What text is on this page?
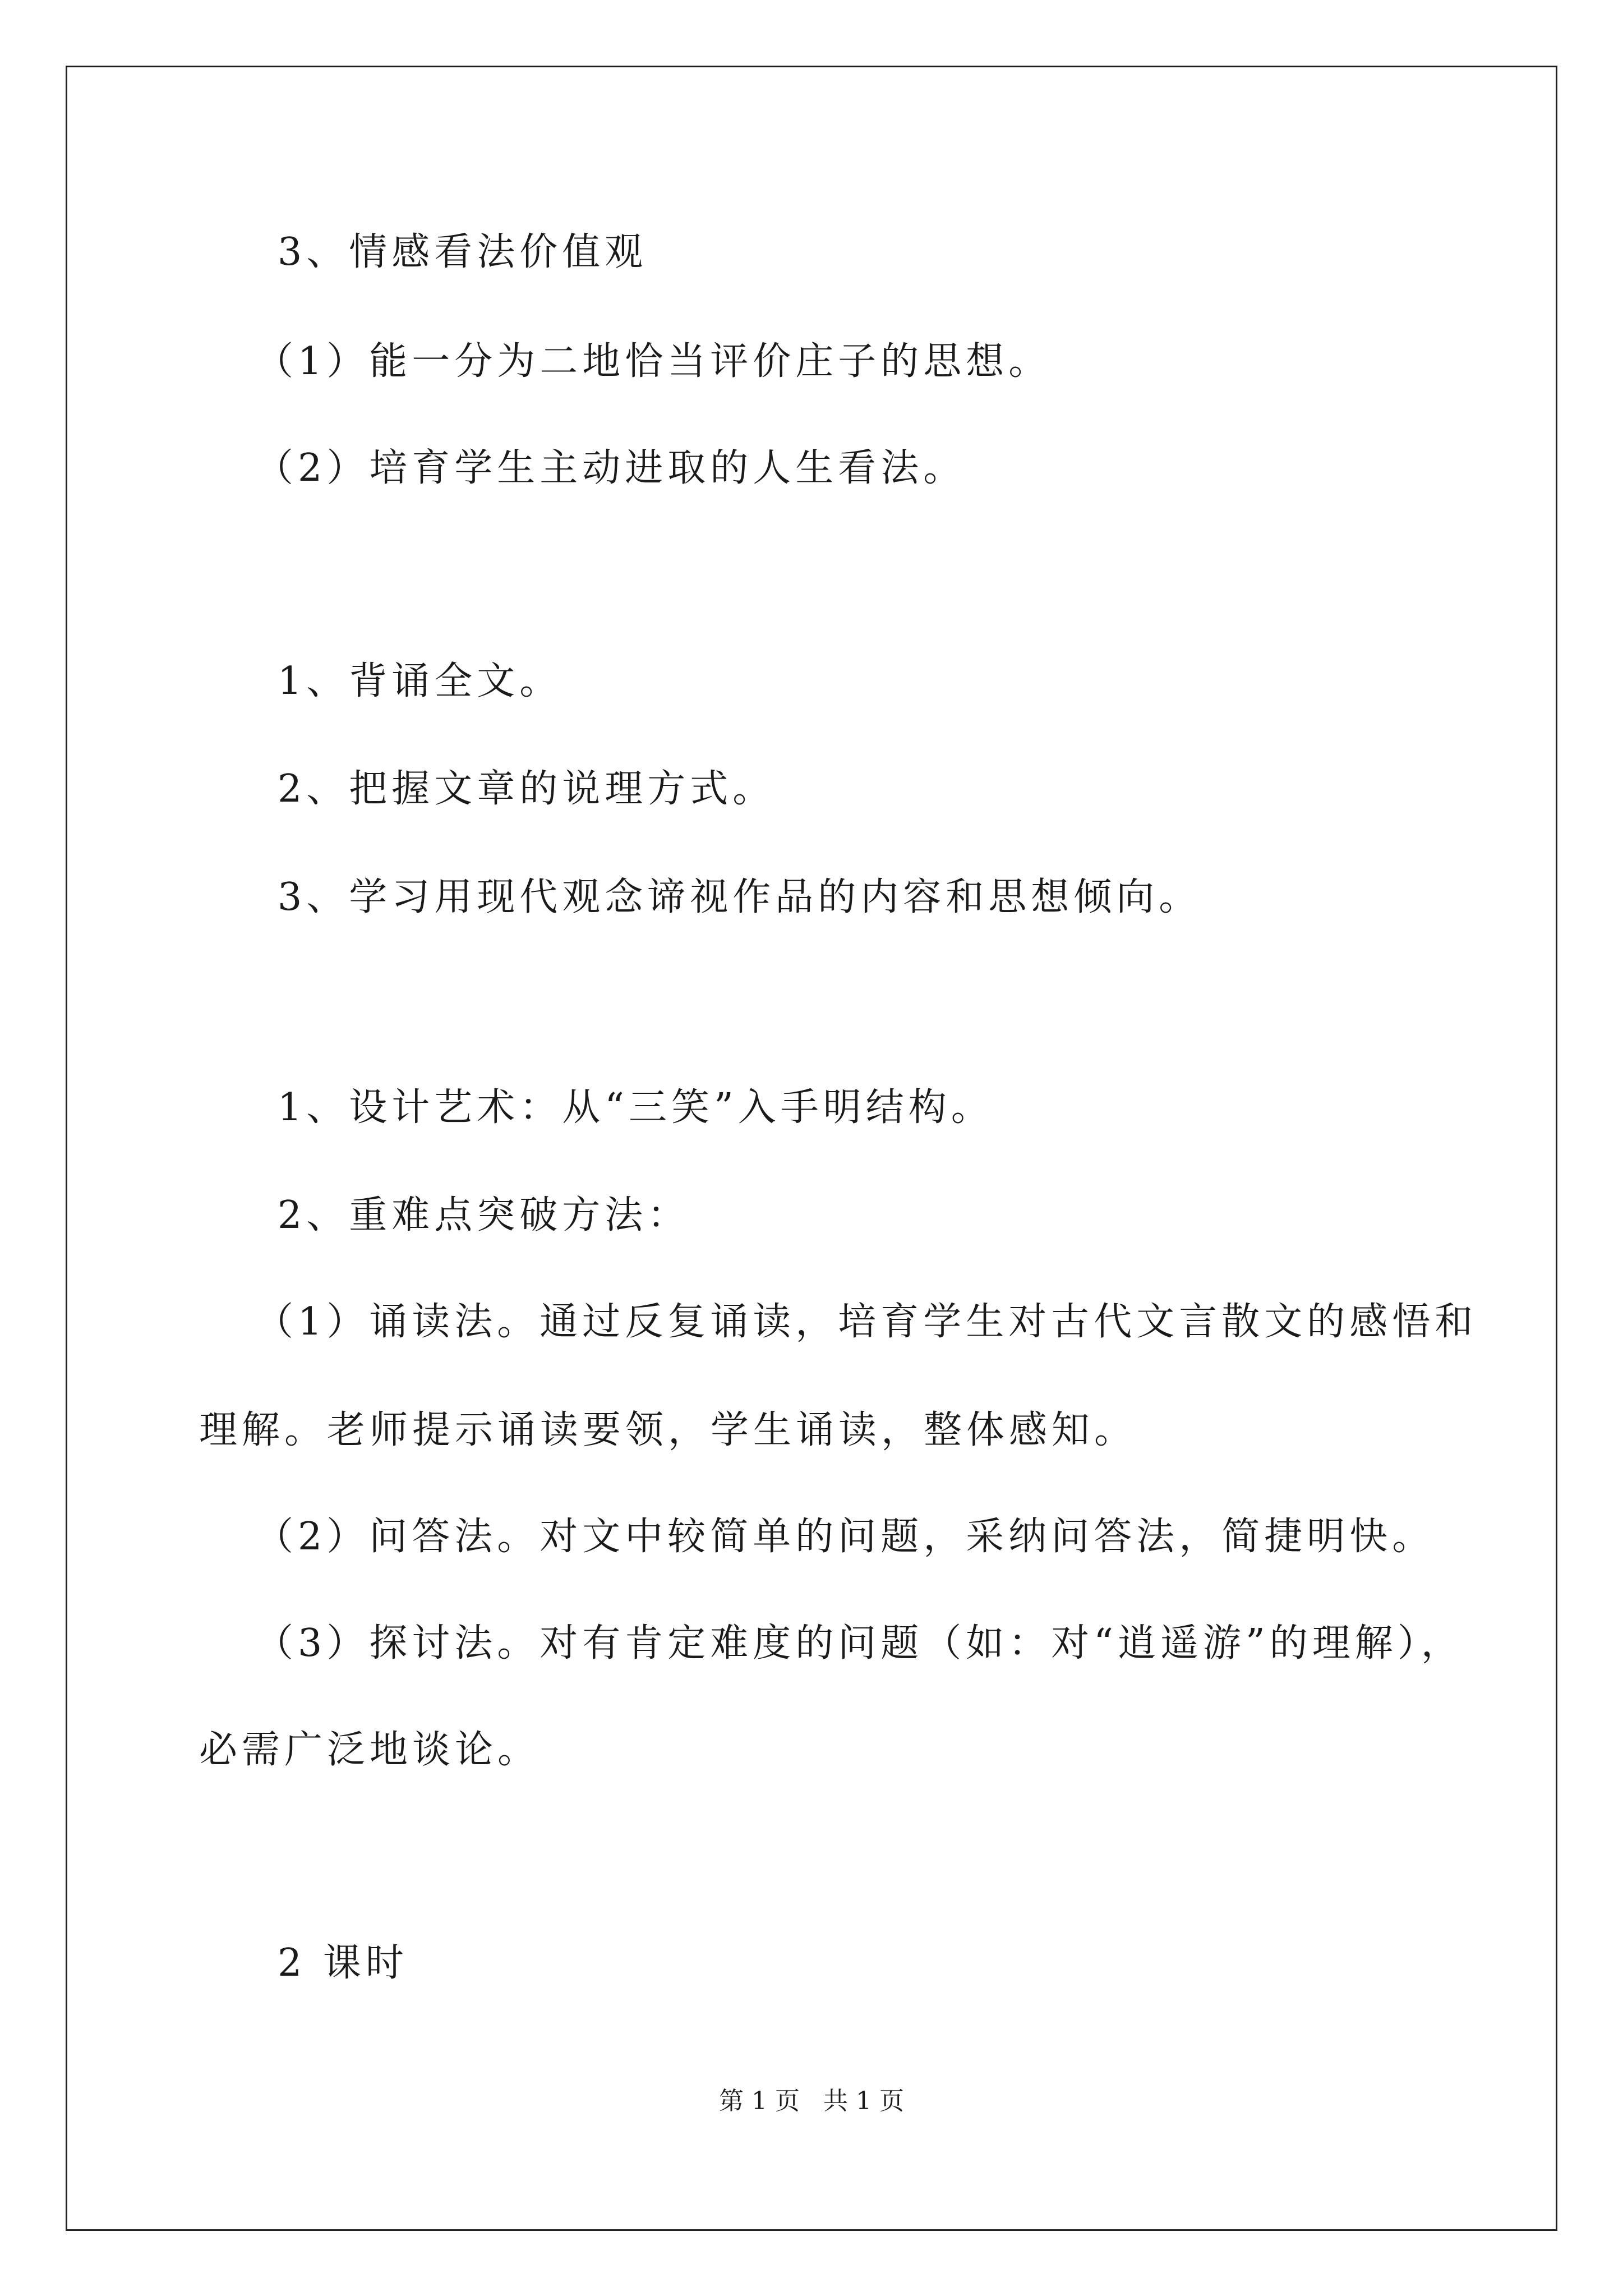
3、情感看法价值观
（1）能一分为二地恰当评价庄子的思想。
（2）培育学生主动进取的人生看法。
1、背诵全文。
2、把握文章的说理方式。
3、学习用现代观念谛视作品的内容和思想倾向。
1、设计艺术：从“三笑”入手明结构。
2、重难点突破方法：
（1）诵读法。通过反复诵读，培育学生对古代文言散文的感悟和
理解。老师提示诵读要领，学生诵读，整体感知。
（2）问答法。对文中较简单的问题，采纳问答法，简捷明快。
（3）探讨法。对有肯定难度的问题（如：对“逍遥游”的理解），
必需广泛地谈论。
2 课时
第 1 页   共 1 页
